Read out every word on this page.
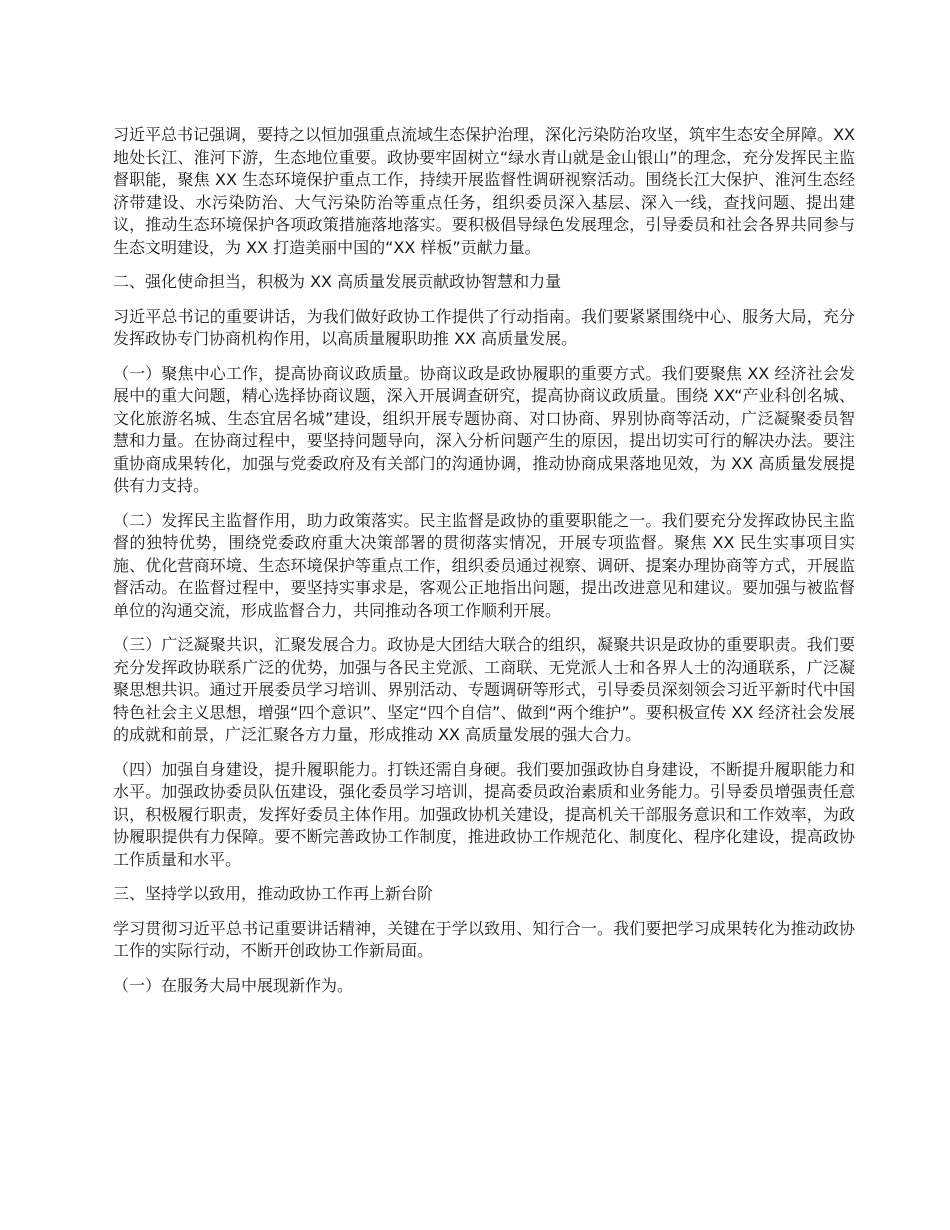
习近平总书记强调，要持之以恒加强重点流域生态保护治理，深化污染防治攻坚，筑牢生态安全屏障。XX 地处长江、淮河下游，生态地位重要。政协要牢固树立“绿水青山就是金山银山”的理念，充分发挥民主监督职能，聚焦 XX 生态环境保护重点工作，持续开展监督性调研视察活动。围绕长江大保护、淮河生态经济带建设、水污染防治、大气污染防治等重点任务，组织委员深入基层、深入一线，查找问题、提出建议，推动生态环境保护各项政策措施落地落实。要积极倡导绿色发展理念，引导委员和社会各界共同参与生态文明建设，为 XX 打造美丽中国的“XX 样板”贡献力量。

二、强化使命担当，积极为 XX 高质量发展贡献政协智慧和力量

习近平总书记的重要讲话，为我们做好政协工作提供了行动指南。我们要紧紧围绕中心、服务大局，充分发挥政协专门协商机构作用，以高质量履职助推 XX 高质量发展。

（一）聚焦中心工作，提高协商议政质量。协商议政是政协履职的重要方式。我们要聚焦 XX 经济社会发展中的重大问题，精心选择协商议题，深入开展调查研究，提高协商议政质量。围绕 XX“产业科创名城、文化旅游名城、生态宜居名城”建设，组织开展专题协商、对口协商、界别协商等活动，广泛凝聚委员智慧和力量。在协商过程中，要坚持问题导向，深入分析问题产生的原因，提出切实可行的解决办法。要注重协商成果转化，加强与党委政府及有关部门的沟通协调，推动协商成果落地见效，为 XX 高质量发展提供有力支持。

（二）发挥民主监督作用，助力政策落实。民主监督是政协的重要职能之一。我们要充分发挥政协民主监督的独特优势，围绕党委政府重大决策部署的贯彻落实情况，开展专项监督。聚焦 XX 民生实事项目实施、优化营商环境、生态环境保护等重点工作，组织委员通过视察、调研、提案办理协商等方式，开展监督活动。在监督过程中，要坚持实事求是，客观公正地指出问题，提出改进意见和建议。要加强与被监督单位的沟通交流，形成监督合力，共同推动各项工作顺利开展。

（三）广泛凝聚共识，汇聚发展合力。政协是大团结大联合的组织，凝聚共识是政协的重要职责。我们要充分发挥政协联系广泛的优势，加强与各民主党派、工商联、无党派人士和各界人士的沟通联系，广泛凝聚思想共识。通过开展委员学习培训、界别活动、专题调研等形式，引导委员深刻领会习近平新时代中国特色社会主义思想，增强“四个意识”、坚定“四个自信”、做到“两个维护”。要积极宣传 XX 经济社会发展的成就和前景，广泛汇聚各方力量，形成推动 XX 高质量发展的强大合力。

（四）加强自身建设，提升履职能力。打铁还需自身硬。我们要加强政协自身建设，不断提升履职能力和水平。加强政协委员队伍建设，强化委员学习培训，提高委员政治素质和业务能力。引导委员增强责任意识，积极履行职责，发挥好委员主体作用。加强政协机关建设，提高机关干部服务意识和工作效率，为政协履职提供有力保障。要不断完善政协工作制度，推进政协工作规范化、制度化、程序化建设，提高政协工作质量和水平。

三、坚持学以致用，推动政协工作再上新台阶

学习贯彻习近平总书记重要讲话精神，关键在于学以致用、知行合一。我们要把学习成果转化为推动政协工作的实际行动，不断开创政协工作新局面。

（一）在服务大局中展现新作为。
